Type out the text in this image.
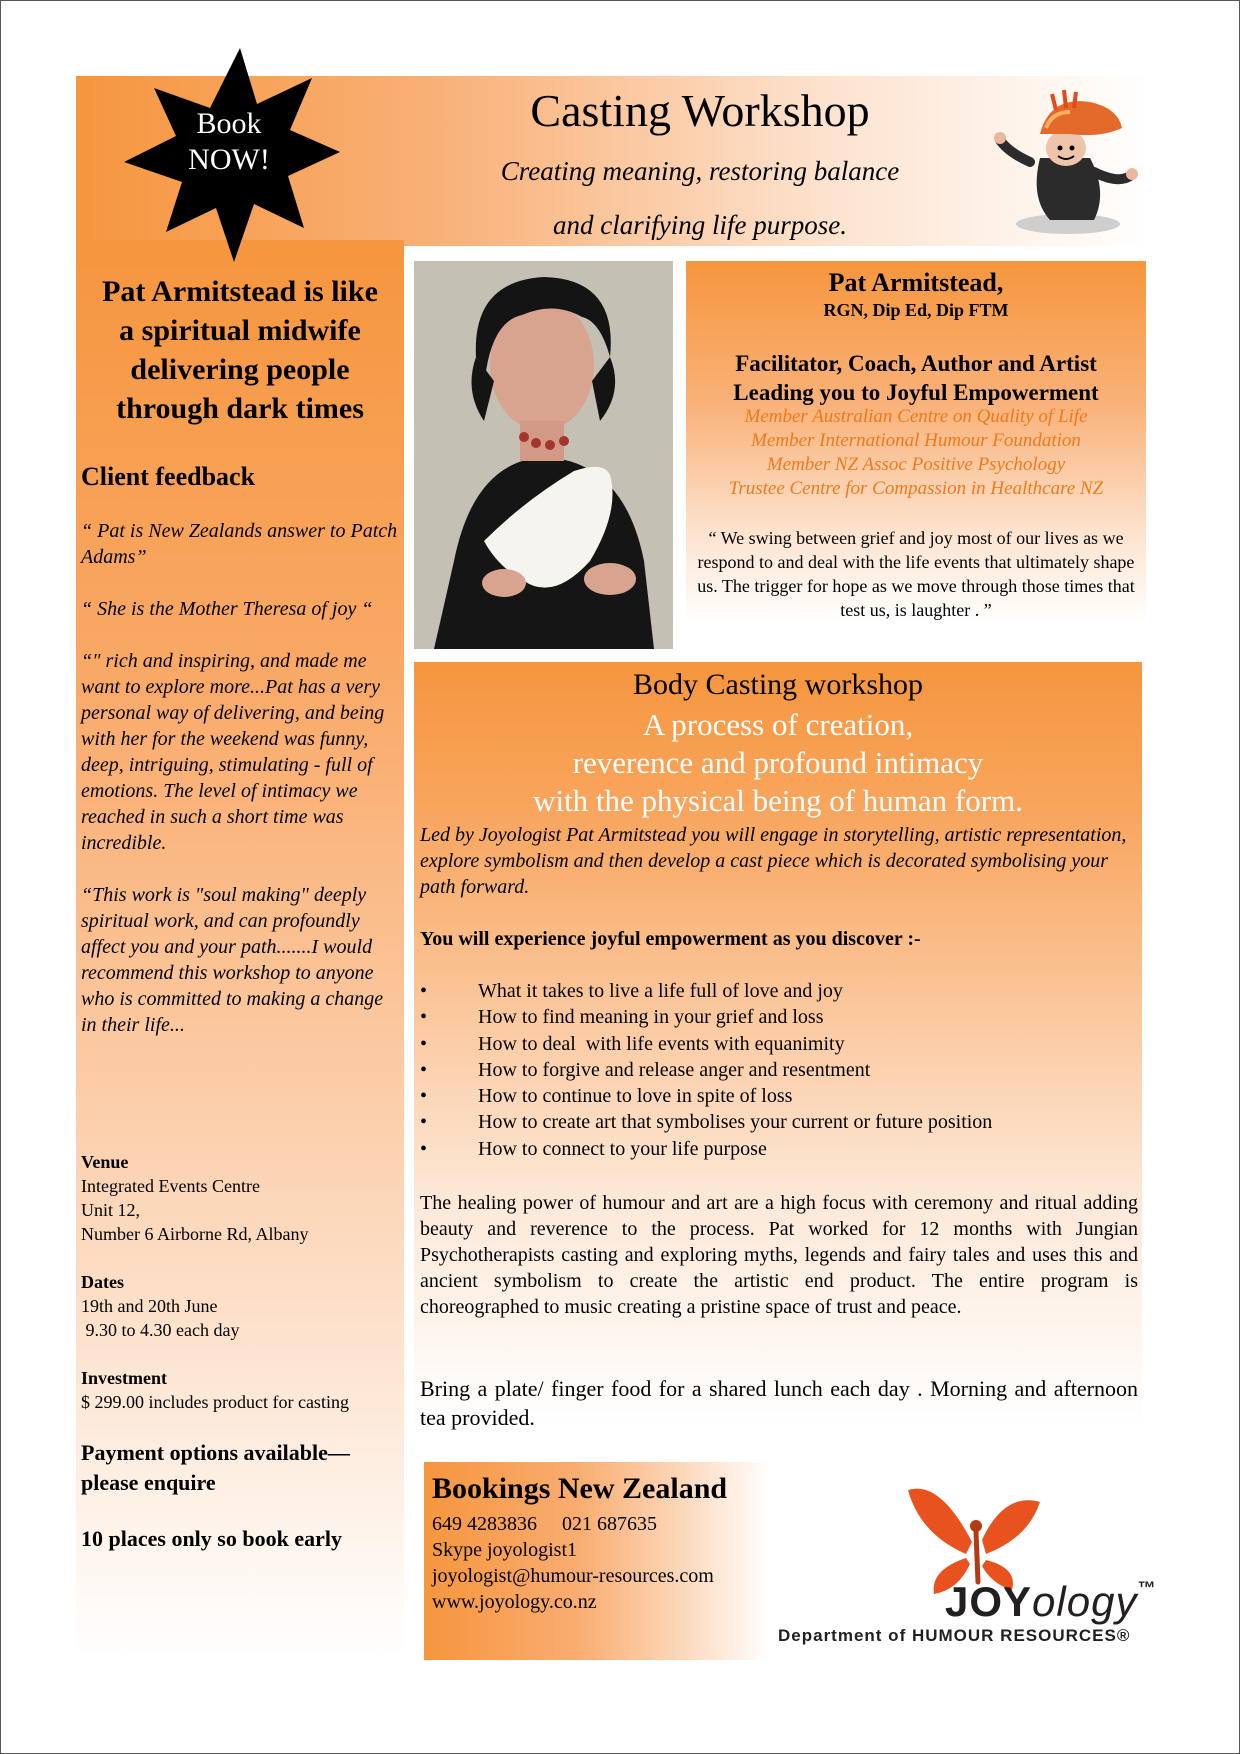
Book
NOW!
Casting Workshop
Creating meaning, restoring balance
and clarifying life purpose.
Pat Armitstead is like
a spiritual midwife
delivering people
through dark times
Client feedback

“ Pat is New Zealands answer to Patch Adams”

“ She is the Mother Theresa of joy “

“" rich and inspiring, and made me want to explore more...Pat has a very personal way of delivering, and being with her for the weekend was funny, deep, intriguing, stimulating - full of emotions. The level of intimacy we reached in such a short time was incredible.

“This work is "soul making" deeply spiritual work, and can profoundly affect you and your path.......I would recommend this workshop to anyone who is committed to making a change in their life...

Venue
Integrated Events Centre
Unit 12,
Number 6 Airborne Rd, Albany
Dates
19th and 20th June
9.30 to 4.30 each day
Investment
$ 299.00 includes product for casting

Payment options available—please enquire

10 places only so book early

Pat Armitstead,
RGN, Dip Ed, Dip FTM
Facilitator, Coach, Author and Artist
Leading you to Joyful Empowerment
Member Australian Centre on Quality of Life
Member International Humour Foundation
Member NZ Assoc Positive Psychology
Trustee Centre for Compassion in Healthcare NZ
“ We swing between grief and joy most of our lives as we respond to and deal with the life events that ultimately shape us. The trigger for hope as we move through those times that test us, is laughter . ”
Body Casting workshop
A process of creation,
reverence and profound intimacy
with the physical being of human form.
Led by Joyologist Pat Armitstead you will engage in storytelling, artistic representation, explore symbolism and then develop a cast piece which is decorated symbolising your path forward.
You will experience joyful empowerment as you discover :-
•	What it takes to live a life full of love and joy
•	How to find meaning in your grief and loss
•	How to deal  with life events with equanimity
•	How to forgive and release anger and resentment
•	How to continue to love in spite of loss
•	How to create art that symbolises your current or future position
•	How to connect to your life purpose
The healing power of humour and art are a high focus with ceremony and ritual adding beauty and reverence to the process. Pat worked for 12 months with Jungian Psychotherapists casting and exploring myths, legends and fairy tales and uses this and ancient symbolism to create the artistic end product. The entire program is choreographed to music creating a pristine space of trust and peace.
Bring a plate/ finger food for a shared lunch each day . Morning and afternoon tea provided.
Bookings New Zealand
649 4283836     021 687635
Skype joyologist1
joyologist@humour-resources.com
www.joyology.co.nz	JOYology™
Department of HUMOUR RESOURCES®
